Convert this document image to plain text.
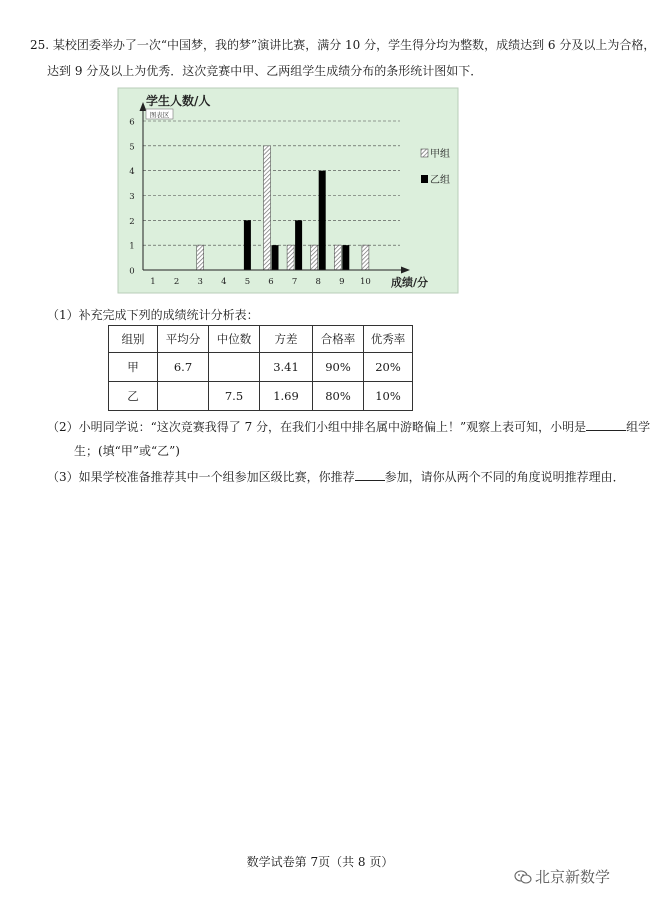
25. 某校团委举办了一次“中国梦，我的梦”演讲比赛，满分 10 分，学生得分均为整数，成绩达到 6 分及以上为合格，
达到 9 分及以上为优秀．这次竞赛中甲、乙两组学生成绩分布的条形统计图如下．
0
1
2
3
4
5
6
1 2 3 4 5 6 7 8 9 10
学生人数/人
图表区
成绩/分
甲组
乙组
（1）补充完成下列的成绩统计分析表：
组别	平均分	中位数	方差	合格率	优秀率
甲	6.7		3.41	90%	20%
乙		7.5	1.69	80%	10%
（2）小明同学说：“这次竞赛我得了 7 分，在我们小组中排名属中游略偏上！”观察上表可知，小明是	组学
生；(填“甲”或“乙”)
（3）如果学校准备推荐其中一个组参加区级比赛，你推荐	参加，请你从两个不同的角度说明推荐理由．
数学试卷第 7页（共 8 页）
北京新数学
